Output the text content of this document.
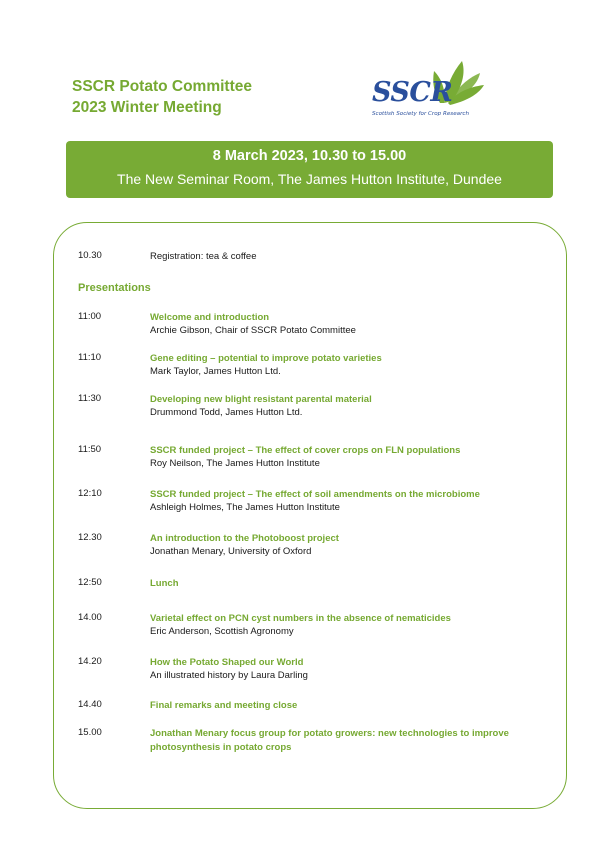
SSCR Potato Committee
2023 Winter Meeting	SSCR
Scottish Society for Crop Research
8 March 2023, 10.30 to 15.00
The New Seminar Room, The James Hutton Institute, Dundee
10.30	Registration: tea & coffee
Presentations
11:00	Welcome and introduction
Archie Gibson, Chair of SSCR Potato Committee
11:10	Gene editing – potential to improve potato varieties
Mark Taylor, James Hutton Ltd.
11:30	Developing new blight resistant parental material
Drummond Todd, James Hutton Ltd.
11:50	SSCR funded project – The effect of cover crops on FLN populations
Roy Neilson, The James Hutton Institute
12:10	SSCR funded project – The effect of soil amendments on the microbiome
Ashleigh Holmes, The James Hutton Institute
12.30	An introduction to the Photoboost project
Jonathan Menary, University of Oxford
12:50	Lunch
14.00	Varietal effect on PCN cyst numbers in the absence of nematicides
Eric Anderson, Scottish Agronomy
14.20	How the Potato Shaped our World
An illustrated history by Laura Darling
14.40	Final remarks and meeting close
15.00	Jonathan Menary focus group for potato growers: new technologies to improve photosynthesis in potato crops
